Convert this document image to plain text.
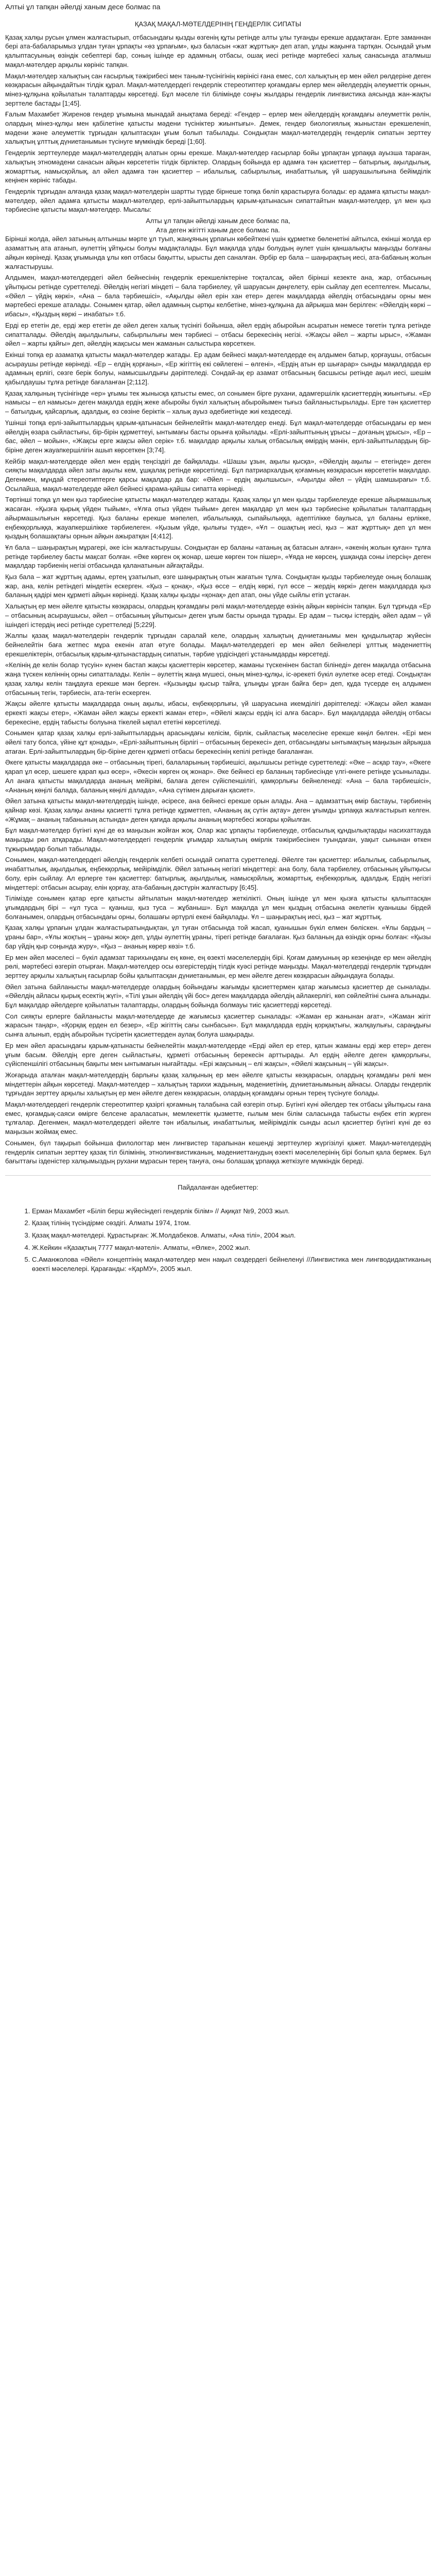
Алтыi ұл тапқан әйелді ханым десе болмас па
ҚАЗАҚ МАҚАЛ-МӘТЕЛДЕРІНІҢ ГЕНДЕРЛІК СИПАТЫ

Қазақ халқы русын ұлмен жалғастырып, отбасындағы қызды өзгенің құты ретінде алты ұлы туғанды ерекше ардақтаған. Ерте заманнан бері ата-бабаларымыз ұлдан туған ұрпақты «өз ұрпағым», қыз баласын «жат жұрттық» деп атап, ұлды жақынға тартқан. Осындай ұғым қалыптасуының өзіндік себептері бар, соның ішінде ер адамның отбасы, ошақ иесі ретінде мәртебесі халық санасында аталмыш мақал-мәтелдер арқылы көрініс тапқан.

Мақал-мәтелдер халықтың сан ғасырлық тәжірибесі мен таным-түсінігінің көрінісі ғана емес, сол халықтың ер мен әйел рөлдеріне деген көзқарасын айқындайтын тілдік құрал. Мақал-мәтелдердегі гендерлік стереотиптер қоғамдағы ерлер мен әйелдердің әлеуметтік орнын, мінез-құлқына қойылатын талаптарды көрсетеді. Бұл мәселе тіл білімінде соңғы жылдары гендерлік лингвистика аясында жан-жақты зерттеле бастады [1;45].

Ғалым Махамбет Жиренов гендер ұғымына мынадай анықтама береді: «Гендер – ерлер мен әйелдердің қоғамдағы әлеуметтік рөлін, олардың мінез-құлқы мен қабілетіне қатысты мәдени түсініктер жиынтығы». Демек, гендер биологиялық жыныстан ерекшеленіп, мәдени және әлеуметтік тұрғыдан қалыптасқан ұғым болып табылады. Сондықтан мақал-мәтелдердің гендерлік сипатын зерттеу халықтың ұлттық дүниетанымын түсінуге мүмкіндік береді [1;60].

Гендерлік зерттеулерде мақал-мәтелдердің алатын орны ерекше. Мақал-мәтелдер ғасырлар бойы ұрпақтан ұрпаққа ауызша тараған, халықтың этномәдени санасын айқын көрсететін тілдік бірліктер. Олардың бойында ер адамға тән қасиеттер – батырлық, ақылдылық, жомарттық, намысқойлық, ал әйел адамға тән қасиеттер – ибалылық, сабырлылық, инабаттылық, үй шаруашылығына бейімділік кеңінен көрініс табады.

Гендерлік тұрғыдан алғанда қазақ мақал-мәтелдерін шартты түрде бірнеше топқа бөліп қарастыруға болады: ер адамға қатысты мақал-мәтелдер, әйел адамға қатысты мақал-мәтелдер, ерлі-зайыптылардың қарым-қатынасын сипаттайтын мақал-мәтелдер, ұл мен қыз тәрбиесіне қатысты мақал-мәтелдер. Мысалы:

Алты ұл тапқан әйелді ханым десе болмас па,
Ата деген жігітті ханым десе болмас па.

Бірінші жолда, әйел затының алтыншы мәрте ұл туып, жанұяның ұрпағын көбейткені үшін құрметке бөленетіні айтылса, екінші жолда ер азаматтың ата атанып, әулеттің ұйтқысы болуы мадақталады. Бұл мақалда ұлды болудың әулет үшін қаншалықты маңызды болғаны айқын көрінеді. Қазақ ұғымында ұлы көп отбасы бақытты, ырысты деп саналған. Әрбір ер бала – шаңырақтың иесі, ата-бабаның жолын жалғастырушы.

Алдымен, мақал-мәтелдердегі әйел бейнесінің гендерлік ерекшеліктеріне тоқталсақ, әйел бірінші кезекте ана, жар, отбасының ұйытқысы ретінде суреттеледі. Әйелдің негізгі міндеті – бала тәрбиелеу, үй шаруасын дөңгелету, ерін сыйлау деп есептелген. Мысалы, «Әйел – үйдің көркі», «Ана – бала тәрбиешісі», «Ақылды әйел ерін хан етер» деген мақалдарда әйелдің отбасындағы орны мен мәртебесі ерекше аталады. Сонымен қатар, әйел адамның сыртқы келбетіне, мінез-құлқына да айрықша мән берілген: «Әйелдің көркі – ибасы», «Қыздың көркі – инабаты» т.б.

Ерді ер ететін де, ерді жер ететін де әйел деген халық түсінігі бойынша, әйел ердің абыройын асыратын немесе төгетін тұлға ретінде сипатталады. Әйелдің ақылдылығы, сабырлылығы мен тәрбиесі – отбасы берекесінің негізі. «Жақсы әйел – жарты ырыс», «Жаман әйел – жарты қайғы» деп, әйелдің жақсысы мен жаманын салыстыра көрсеткен.

Екінші топқа ер азаматқа қатысты мақал-мәтелдер жатады. Ер адам бейнесі мақал-мәтелдерде ең алдымен батыр, қорғаушы, отбасын асыраушы ретінде көрінеді. «Ер – елдің қорғаны», «Ер жігіттің екі сөйлегені – өлгені», «Ердің атын ер шығарар» сынды мақалдарда ер адамның ерлігі, сөзге берік болуы, намысшылдығы дәріптеледі. Сондай-ақ ер азамат отбасының басшысы ретінде ақыл иесі, шешім қабылдаушы тұлға ретінде бағаланған [2;112].

Қазақ халқының түсінігінде «ер» ұғымы тек жынысқа қатысты емес, ол сонымен бірге рухани, адамгершілік қасиеттердің жиынтығы. «Ер намысы – ел намысы» деген мақалда ердің жеке абыройы бүкіл халықтың абыройымен тығыз байланыстырылады. Ерге тән қасиеттер – батылдық, қайсарлық, адалдық, өз сөзіне беріктік – халық ауыз әдебиетінде жиі кездеседі.

Үшінші топқа ерлі-зайыптылардың қарым-қатынасын бейнелейтін мақал-мәтелдер енеді. Бұл мақал-мәтелдерде отбасындағы ер мен әйелдің өзара сыйластығы, бір-бірін құрметтеуі, ынтымағы басты орынға қойылады. «Ерлі-зайыптының ұрысы – доғаның ұрысы», «Ер – бас, әйел – мойын», «Жақсы ерге жақсы әйел серік» т.б. мақалдар арқылы халық отбасылық өмірдің мәнін, ерлі-зайыптылардың бір-біріне деген жауапкершілігін ашып көрсеткен [3;74].

Кейбір мақал-мәтелдерде әйел мен ердің теңсіздігі де байқалады. «Шашы ұзын, ақылы қысқа», «Әйелдің ақылы – етегінде» деген сияқты мақалдарда әйел заты ақылы кем, ұшқалақ ретінде көрсетіледі. Бұл патриархалдық қоғамның көзқарасын көрсететін мақалдар. Дегенмен, мұндай стереотиптерге қарсы мақалдар да бар: «Әйел – ердің ақылшысы», «Ақылды әйел – үйдің шамшырағы» т.б. Осылайша, мақал-мәтелдерде әйел бейнесі қарама-қайшы сипатта көрінеді.

Төртінші топқа ұл мен қыз тәрбиесіне қатысты мақал-мәтелдер жатады. Қазақ халқы ұл мен қызды тәрбиелеуде ерекше айырмашылық жасаған. «Қызға қырық үйден тыйым», «Ұлға отыз үйден тыйым» деген мақалдар ұл мен қыз тәрбиесіне қойылатын талаптардың айырмашылығын көрсетеді. Қыз баланы ерекше мәпелеп, ибалылыққа, сыпайылыққа, әдептілікке баулыса, ұл баланы ерлікке, еңбекқорлыққа, жауапкершілікке тәрбиелеген. «Қызым үйде, қылығы түзде», «Ұл – ошақтың иесі, қыз – жат жұрттық» деп ұл мен қыздың болашақтағы орнын айқын ажыратқан [4;412].

Ұл бала – шаңырақтың мұрагері, әке ісін жалғастырушы. Сондықтан ер баланы «атаның ақ батасын алған», «әкенің жолын қуған» тұлға ретінде тәрбиелеу басты мақсат болған. «Әке көрген оқ жонар, шеше көрген тон пішер», «Ұяда не көрсең, ұшқанда соны ілерсің» деген мақалдар тәрбиенің негізі отбасында қаланатынын айғақтайды.

Қыз бала – жат жұрттың адамы, ертең ұзатылып, өзге шаңырақтың отын жағатын тұлға. Сондықтан қызды тәрбиелеуде оның болашақ жар, ана, келін ретіндегі міндетін ескерген. «Қыз – қонақ», «Қыз өссе – елдің көркі, гүл өссе – жердің көркі» деген мақалдарда қыз баланың қадірі мен құрметі айқын көрінеді. Қазақ халқы қызды «қонақ» деп атап, оны үйде сыйлы етіп ұстаған.

Халықтың ер мен әйелге қатысты көзқарасы, олардың қоғамдағы рөлі мақал-мәтелдерде өзінің айқын көрінісін тапқан. Бұл тұрғыда «Ер – отбасының асыраушысы, әйел – отбасының ұйытқысы» деген ұғым басты орында тұрады. Ер адам – тысқы істердің, әйел адам – үй ішіндегі істердің иесі ретінде суреттеледі [5;229].

Жалпы қазақ мақал-мәтелдерін гендерлік тұрғыдан саралай келе, олардың халықтың дүниетанымы мен құндылықтар жүйесін бейнелейтін баға жетпес мұра екенін атап өтуге болады. Мақал-мәтелдердегі ер мен әйел бейнелері ұлттық мәдениеттің ерекшеліктерін, отбасылық қарым-қатынастардың сипатын, тәрбие үрдісіндегі ұстанымдарды көрсетеді.

«Келінің де келін болар түсуін» күнен бастап жақсы қасиеттерін көрсетер, жаманы түскенінен бастап білінеді» деген мақалда отбасына жаңа түскен келіннің орны сипатталады. Келін – әулеттің жаңа мүшесі, оның мінез-құлқы, іс-әрекеті бүкіл әулетке әсер етеді. Сондықтан қазақ халқы келін таңдауға ерекше мән берген. «Қызыңды қысыр тайға, ұлыңды ұрған байға бер» деп, құда түсерде ең алдымен отбасының тегін, тәрбиесін, ата-тегін ескерген.

Жақсы әйелге қатысты мақалдарда оның ақылы, ибасы, еңбекқорлығы, үй шаруасына икемділігі дәріптеледі: «Жақсы әйел жаман еркекті жақсы етер», «Жаман әйел жақсы еркекті жаман етер», «Әйелі жақсы ердің ісі алға басар». Бұл мақалдарда әйелдің отбасы берекесіне, ердің табысты болуына тікелей ықпал ететіні көрсетіледі.

Сонымен қатар қазақ халқы ерлі-зайыптылардың арасындағы келісім, бірлік, сыйластық мәселесіне ерекше көңіл бөлген. «Ері мен әйелі тату болса, үйіне құт қонады», «Ерлі-зайыптының бірлігі – отбасының берекесі» деп, отбасындағы ынтымақтың маңызын айрықша атаған. Ерлі-зайыптылардың бір-біріне деген құрметі отбасы берекесінің кепілі ретінде бағаланған.

Әкеге қатысты мақалдарда әке – отбасының тірегі, балаларының тәрбиешісі, ақылшысы ретінде суреттеледі: «Әке – асқар тау», «Әкеге қарап ұл өсер, шешеге қарап қыз өсер», «Әкесін көрген оқ жонар». Әке бейнесі ер баланың тәрбиесінде үлгі-өнеге ретінде ұсынылады. Ал анаға қатысты мақалдарда ананың мейірімі, балаға деген сүйіспеншілігі, қамқорлығы бейнеленеді: «Ана – бала тәрбиешісі», «Ананың көңілі балада, баланың көңілі далада», «Ана сүтімен дарыған қасиет».

Әйел затына қатысты мақал-мәтелдердің ішінде, әсіресе, ана бейнесі ерекше орын алады. Ана – адамзаттың өмір бастауы, тәрбиенің қайнар көзі. Қазақ халқы ананы қасиетті тұлға ретінде құрметтеп, «Ананың ақ сүтін ақтау» деген ұғымды ұрпаққа жалғастырып келген. «Жұмақ – ананың табанының астында» деген қағида арқылы ананың мәртебесі жоғары қойылған.

Бұл мақал-мәтелдер бүгінгі күні де өз маңызын жойған жоқ. Олар жас ұрпақты тәрбиелеуде, отбасылық құндылықтарды насихаттауда маңызды рөл атқарады. Мақал-мәтелдердегі гендерлік ұғымдар халықтың өмірлік тәжірибесінен туындаған, уақыт сынынан өткен тұжырымдар болып табылады.

Сонымен, мақал-мәтелдердегі әйелдің гендерлік келбеті осындай сипатта суреттеледі. Әйелге тән қасиеттер: ибалылық, сабырлылық, инабаттылық, ақылдылық, еңбекқорлық, мейірімділік. Әйел затының негізгі міндеттері: ана болу, бала тәрбиелеу, отбасының ұйытқысы болу, ерін сыйлау. Ал ерлерге тән қасиеттер: батырлық, ақылдылық, намысқойлық, жомарттық, еңбекқорлық, адалдық. Ердің негізгі міндеттері: отбасын асырау, елін қорғау, ата-бабаның дәстүрін жалғастыру [6;45].

Тілімізде сонымен қатар ерге қатысты айтылатын мақал-мәтелдер жеткілікті. Оның ішінде ұл мен қызға қатысты қалыптасқан ұғымдардың бірі – «ұл туса – қуаныш, қыз туса – жұбаныш». Бұл мақалда ұл мен қыздың отбасына әкелетін қуанышы бірдей болғанымен, олардың отбасындағы орны, болашағы әртүрлі екені байқалады. Ұл – шаңырақтың иесі, қыз – жат жұрттық.

Қазақ халқы ұрпағын ұлдан жалғастыратындықтан, ұл туған отбасында той жасап, қуанышын бүкіл елмен бөліскен. «Ұлы бардың – ұраны бар», «Ұлы жоқтың – ұраны жоқ» деп, ұлды әулеттің ұраны, тірегі ретінде бағалаған. Қыз баланың да өзіндік орны болған: «Қызы бар үйдің қыр соңында жүру», «Қыз – ананың көрер көзі» т.б.

Ер мен әйел мәселесі – бүкіл адамзат тарихындағы ең көне, ең өзекті мәселелердің бірі. Қоғам дамуының әр кезеңінде ер мен әйелдің рөлі, мәртебесі өзгеріп отырған. Мақал-мәтелдер осы өзгерістердің тілдік куәсі ретінде маңызды. Мақал-мәтелдерді гендерлік тұрғыдан зерттеу арқылы халықтың ғасырлар бойы қалыптасқан дүниетанымын, ер мен әйелге деген көзқарасын айқындауға болады.

Әйел затына байланысты мақал-мәтелдерде олардың бойындағы жағымды қасиеттермен қатар жағымсыз қасиеттер де сыналады. «Әйелдің айласы қырық есектің жүгі», «Тілі ұзын әйелдің үйі бос» деген мақалдарда әйелдің айлакерлігі, көп сөйлейтіні сынға алынады. Бұл мақалдар әйелдерге қойылатын талаптарды, олардың бойында болмауы тиіс қасиеттерді көрсетеді.

Сол сияқты ерлерге байланысты мақал-мәтелдерде де жағымсыз қасиеттер сыналады: «Жаман ер жанынан ағат», «Жаман жігіт жарасын таңар», «Қорқақ ерден ел безер», «Ер жігіттің сағы сынбасын». Бұл мақалдарда ердің қорқақтығы, жалқаулығы, сараңдығы сынға алынып, ердің абыройын түсіретін қасиеттерден аулақ болуға шақырады.

Ер мен әйел арасындағы қарым-қатынасты бейнелейтін мақал-мәтелдерде «Ерді әйел ер етер, қатын жаманы ерді жер етер» деген ұғым басым. Әйелдің ерге деген сыйластығы, құрметі отбасының берекесін арттырады. Ал ердің әйелге деген қамқорлығы, сүйіспеншілігі отбасының бақыты мен ынтымағын нығайтады. «Ері жақсының – елі жақсы», «Әйелі жақсының – үйі жақсы».

Жоғарыда аталған мақал-мәтелдердің барлығы қазақ халқының ер мен әйелге қатысты көзқарасын, олардың қоғамдағы рөлі мен міндеттерін айқын көрсетеді. Мақал-мәтелдер – халықтың тарихи жадының, мәдениетінің, дүниетанымының айнасы. Оларды гендерлік тұрғыдан зерттеу арқылы халықтың ер мен әйелге деген көзқарасын, олардың қоғамдағы орнын терең түсінуге болады.

Мақал-мәтелдердегі гендерлік стереотиптер қазіргі қоғамның талабына сай өзгеріп отыр. Бүгінгі күні әйелдер тек отбасы ұйытқысы ғана емес, қоғамдық-саяси өмірге белсене араласатын, мемлекеттік қызметте, ғылым мен білім саласында табысты еңбек етіп жүрген тұлғалар. Дегенмен, мақал-мәтелдердегі әйелге тән ибалылық, инабаттылық, мейірімділік сынды асыл қасиеттер бүгінгі күні де өз маңызын жоймақ емес.

Сонымен, бүл тақырып бойынша филологтар мен лингвистер тарапынан кешенді зерттеулер жүргізілуі қажет. Мақал-мәтелдердің гендерлік сипатын зерттеу қазақ тіл білімінің, этнолингвистиканың, мәдениеттанудың өзекті мәселелерінің бірі болып қала бермек. Бұл бағыттағы ізденістер халқымыздың рухани мұрасын терең тануға, оны болашақ ұрпаққа жеткізуге мүмкіндік береді.

Пайдаланған әдебиеттер:
1. Ерман Махамбет «Біліп берш жүйесіндегі гендерлік білім» // Ақиқат №9, 2003 жыл.
2. Қазақ тілінің түсіндірме сөздігі. Алматы 1974, 1том.
3. Қазақ мақал-мәтелдері. Құрастырған: Ж.Молдабеков. Алматы, «Ана тілі», 2004 жыл.
4. Ж.Кейкин «Қазақтың 7777 мақал-мәтелі». Алматы, «Өлке», 2002 жыл.
5. С.Аманжолова «Әйел» концептінің мақал-мәтелдер мен нақыл сөздердегі бейнеленуі //Лингвистика мен лингводидактиканың өзекті мәселелері. Қарағанды: «ҚарМУ», 2005 жыл.
